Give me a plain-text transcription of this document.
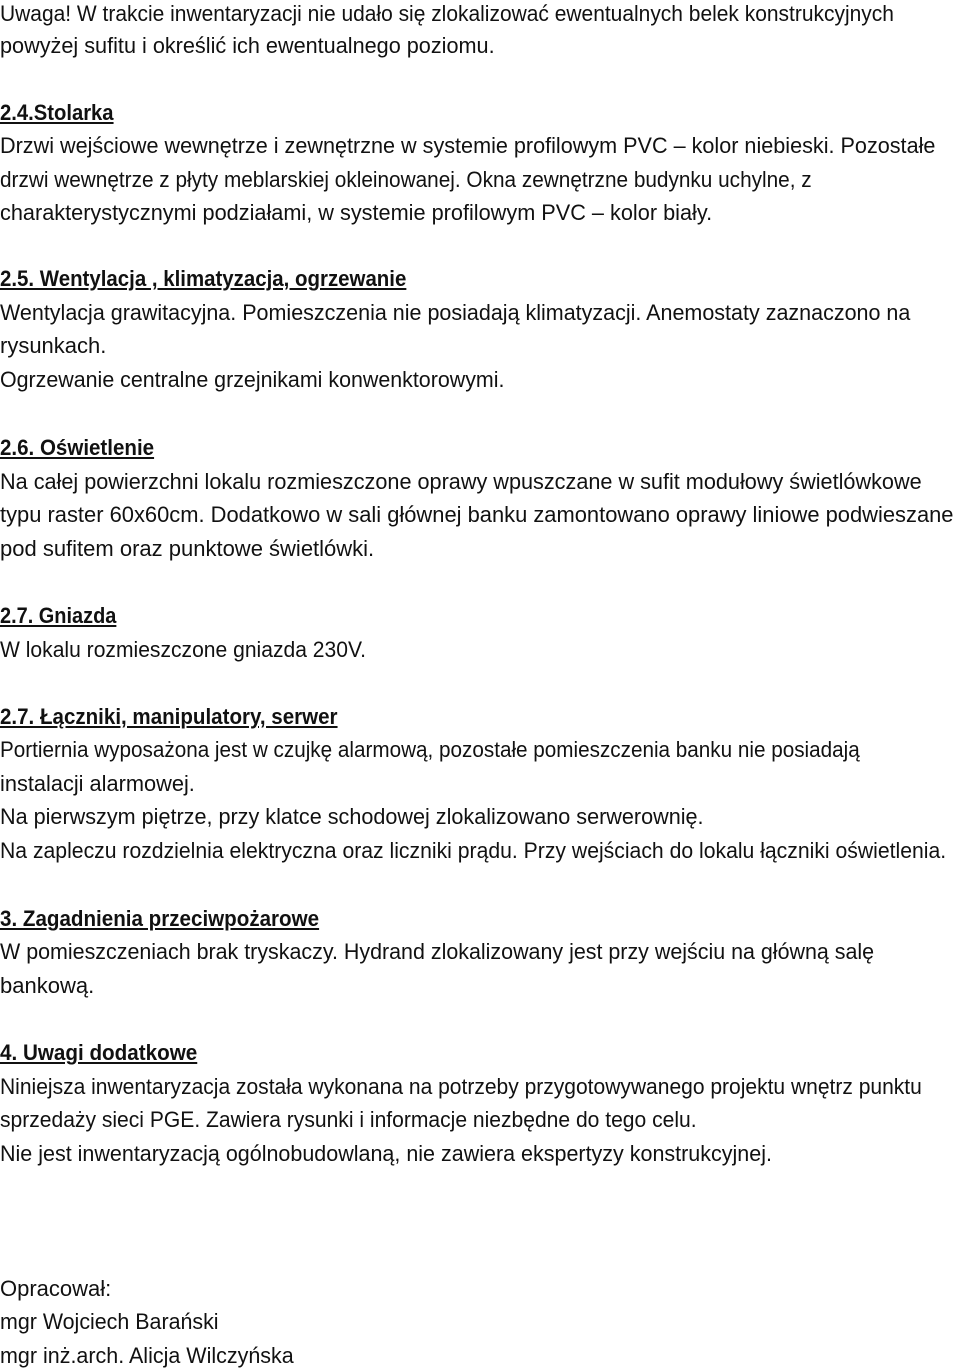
Uwaga! W trakcie inwentaryzacji nie udało się zlokalizować ewentualnych belek konstrukcyjnych
powyżej sufitu i określić ich ewentualnego poziomu.
2.4.Stolarka
Drzwi wejściowe wewnętrze i zewnętrzne w systemie profilowym PVC – kolor niebieski. Pozostałe
drzwi wewnętrze z płyty meblarskiej okleinowanej. Okna zewnętrzne budynku uchylne, z
charakterystycznymi podziałami, w systemie profilowym PVC – kolor biały.
2.5. Wentylacja , klimatyzacja, ogrzewanie
Wentylacja grawitacyjna. Pomieszczenia nie posiadają klimatyzacji. Anemostaty zaznaczono na
rysunkach.
Ogrzewanie centralne grzejnikami konwenktorowymi.
2.6. Oświetlenie
Na całej powierzchni lokalu rozmieszczone oprawy wpuszczane w sufit modułowy świetlówkowe
typu raster 60x60cm. Dodatkowo w sali głównej banku zamontowano oprawy liniowe podwieszane
pod sufitem oraz punktowe świetlówki.
2.7. Gniazda
W lokalu rozmieszczone gniazda 230V.
2.7. Łączniki, manipulatory, serwer
Portiernia wyposażona jest w czujkę alarmową, pozostałe pomieszczenia banku nie posiadają
instalacji alarmowej.
Na pierwszym piętrze, przy klatce schodowej zlokalizowano serwerownię.
Na zapleczu rozdzielnia elektryczna oraz liczniki prądu. Przy wejściach do lokalu łączniki oświetlenia.
3. Zagadnienia przeciwpożarowe
W pomieszczeniach brak tryskaczy. Hydrand zlokalizowany jest przy wejściu na główną salę
bankową.
4. Uwagi dodatkowe
Niniejsza inwentaryzacja została wykonana na potrzeby przygotowywanego projektu wnętrz punktu
sprzedaży sieci PGE. Zawiera rysunki i informacje niezbędne do tego celu.
Nie jest inwentaryzacją ogólnobudowlaną, nie zawiera ekspertyzy konstrukcyjnej.
Opracował:
mgr Wojciech Barański
mgr inż.arch. Alicja Wilczyńska
